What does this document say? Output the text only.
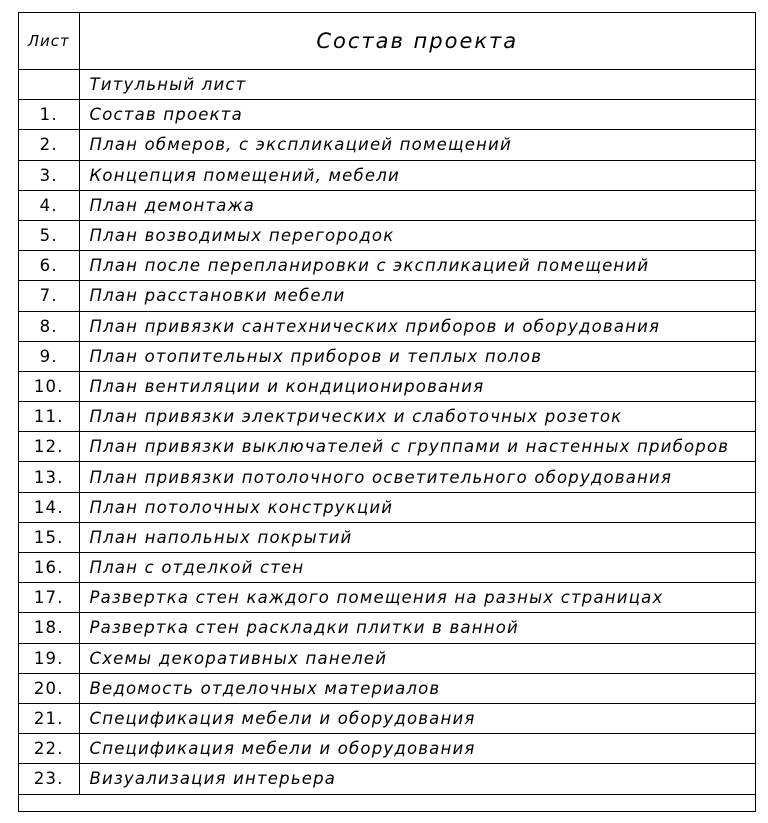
Лист	Состав проекта
	Титульный лист
1.	Состав проекта
2.	План обмеров, с экспликацией помещений
3.	Концепция помещений, мебели
4.	План демонтажа
5.	План возводимых перегородок
6.	План после перепланировки с экспликацией помещений
7.	План расстановки мебели
8.	План привязки сантехнических приборов и оборудования
9.	План отопительных приборов и теплых полов
10.	План вентиляции и кондиционирования
11.	План привязки электрических и слаботочных розеток
12.	План привязки выключателей с группами и настенных приборов
13.	План привязки потолочного осветительного оборудования
14.	План потолочных конструкций
15.	План напольных покрытий
16.	План с отделкой стен
17.	Развертка стен каждого помещения на разных страницах
18.	Развертка стен раскладки плитки в ванной
19.	Схемы декоративных панелей
20.	Ведомость отделочных материалов
21.	Спецификация мебели и оборудования
22.	Спецификация мебели и оборудования
23.	Визуализация интерьера
